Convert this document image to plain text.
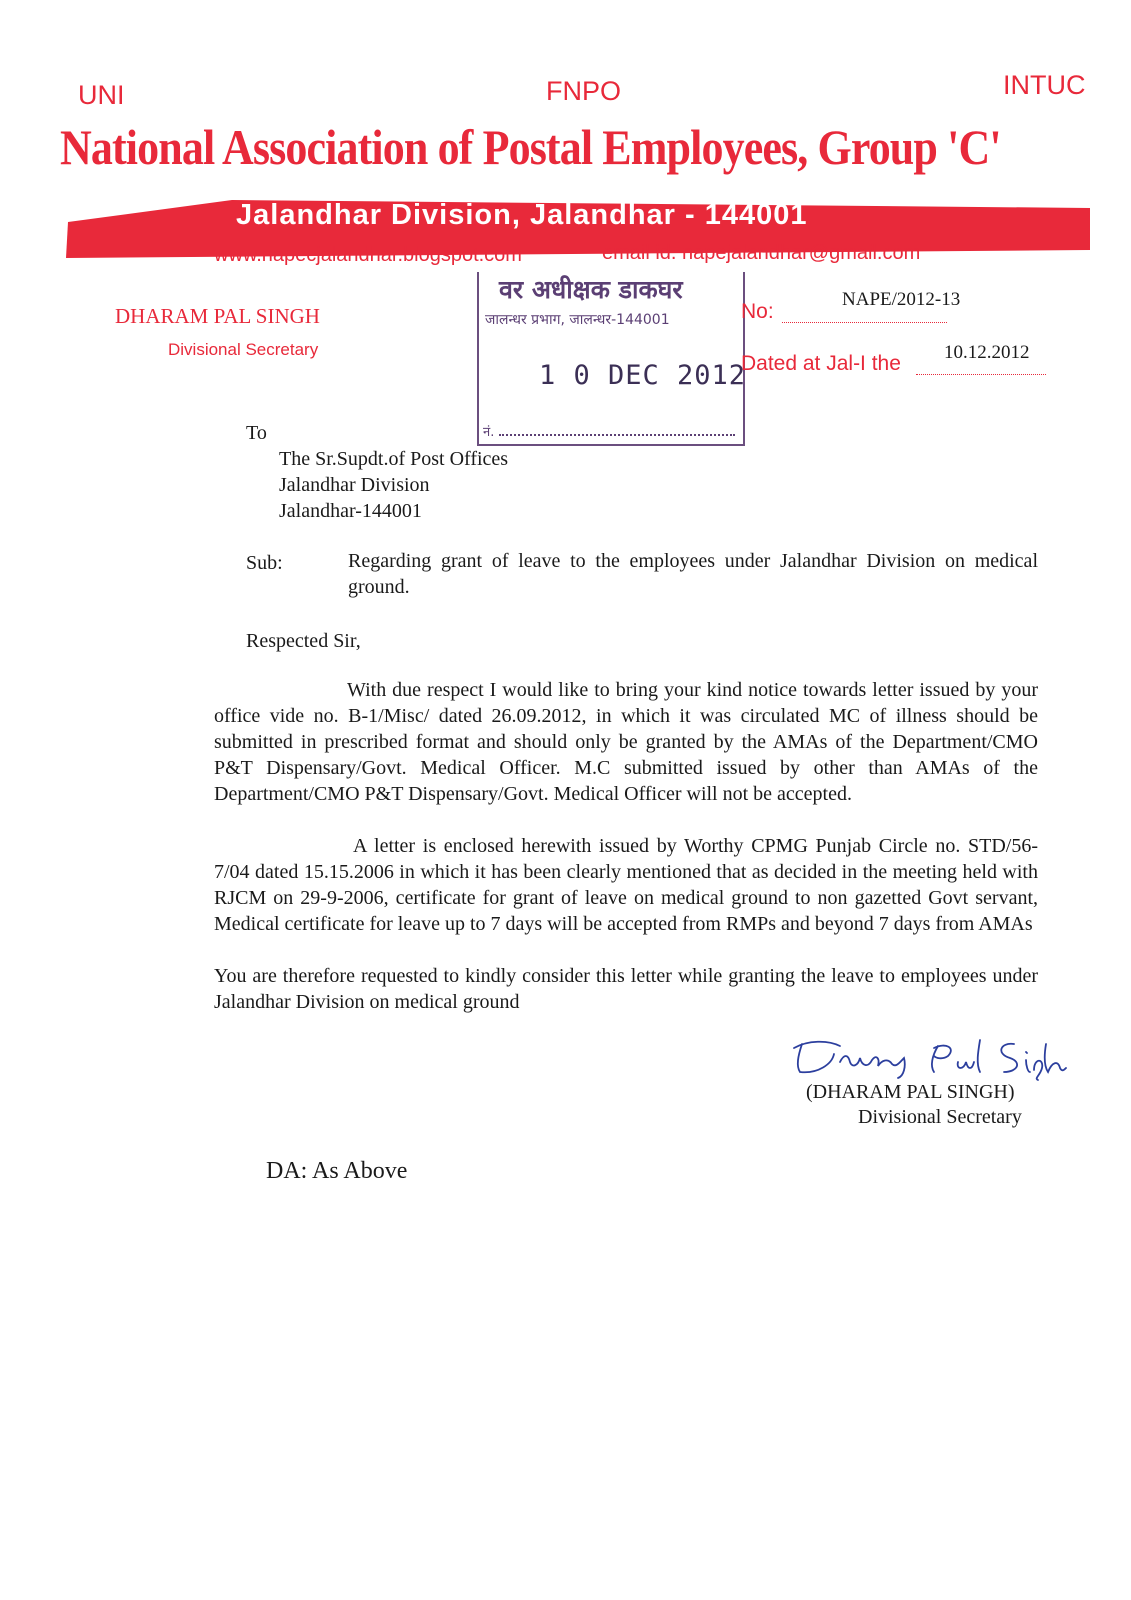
UNI	FNPO	INTUC
National Association of Postal Employees, Group 'C'
Jalandhar Division, Jalandhar - 144001
www.napecjalandhar.blogspot.com	email id. napejalandhar@gmail.com
DHARAM PAL SINGH
Divisional Secretary
वर अधीक्षक डाकघर
जालन्धर प्रभाग, जालन्धर-144001
1 0 DEC 2012
नं.
No:
NAPE/2012-13
Dated at Jal-I the 10.12.2012
To
The Sr.Supdt.of Post Offices
Jalandhar Division
Jalandhar-144001
Sub:	Regarding grant of leave to the employees under Jalandhar Division on medical ground.
Respected Sir,
With due respect I would like to bring your kind notice towards letter issued by your office vide no. B-1/Misc/ dated 26.09.2012, in which it was circulated MC of illness should be submitted in prescribed format and should only be granted by the AMAs of the Department/CMO P&T Dispensary/Govt. Medical Officer. M.C submitted issued by other than AMAs of the Department/CMO P&T Dispensary/Govt. Medical Officer will not be accepted.
A letter is enclosed herewith issued by Worthy CPMG Punjab Circle no. STD/56-7/04 dated 15.15.2006 in which it has been clearly mentioned that as decided in the meeting held with RJCM on 29-9-2006, certificate for grant of leave on medical ground to non gazetted Govt servant, Medical certificate for leave up to 7 days will be accepted from RMPs and beyond 7 days from AMAs
You are therefore requested to kindly consider this letter while granting the leave to employees under Jalandhar Division on medical ground
(DHARAM PAL SINGH)
Divisional Secretary
DA: As Above
